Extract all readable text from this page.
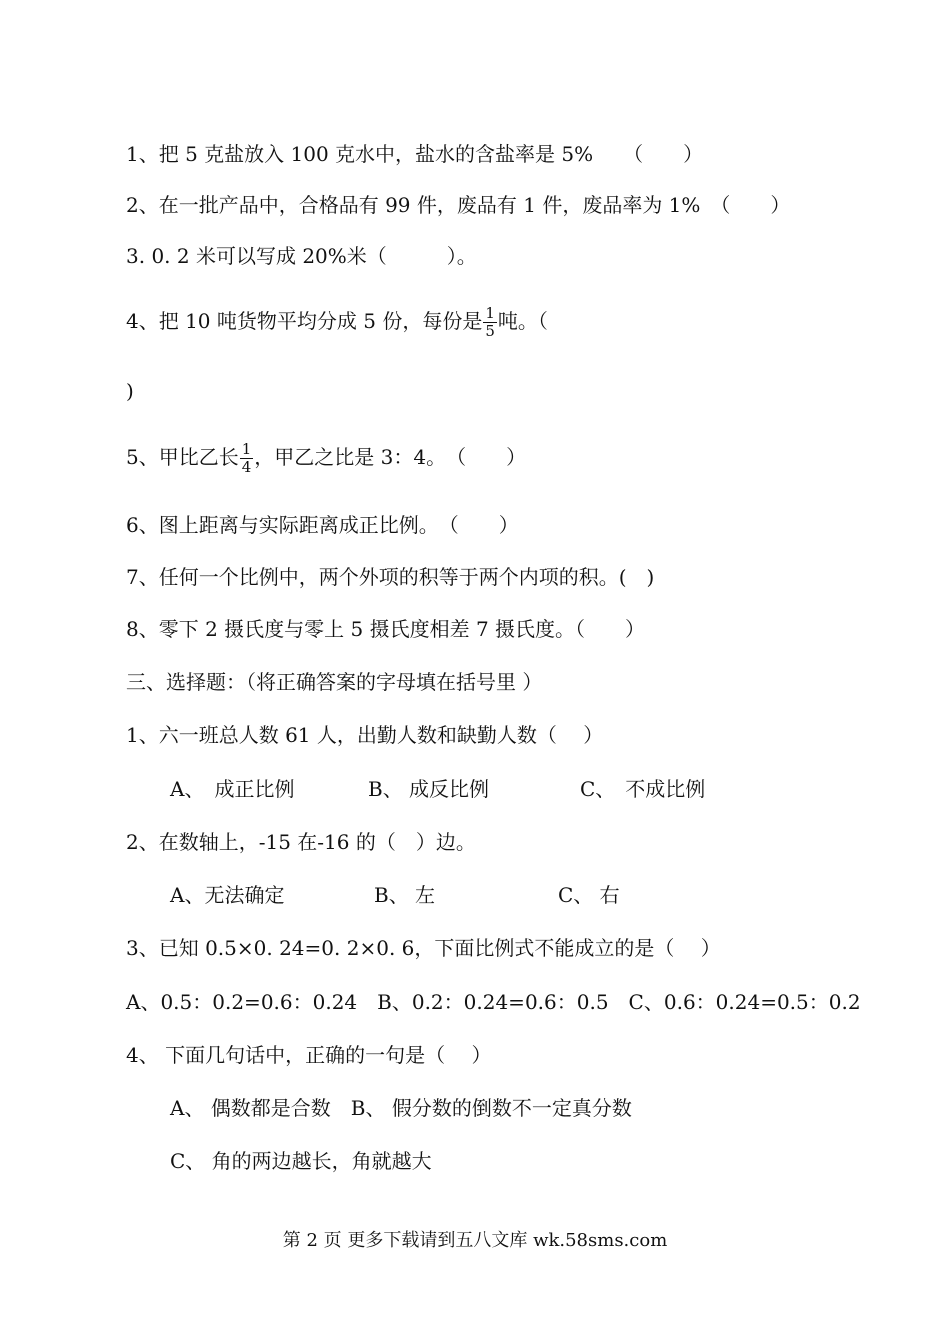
1、把 5 克盐放入 100 克水中，盐水的含盐率是 5%　　（　　）
2、在一批产品中，合格品有 99 件，废品有 1 件，废品率为 1%　（　　）
3. 0. 2 米可以写成 20%米（　　　）。
4、把 10 吨货物平均分成 5 份，每份是 $\frac{1}{5}$ 吨。（
)
5、甲比乙长 $\frac{1}{4}$ ，甲乙之比是 3：4。　（　　）
6、图上距离与实际距离成正比例。　（　　）
7、任何一个比例中，两个外项的积等于两个内项的积。(　)
8、零下 2 摄氏度与零上 5 摄氏度相差 7 摄氏度。（　　）
三、选择题：（将正确答案的字母填在括号里 ）
1、六一班总人数 61 人，出勤人数和缺勤人数（　 ）
A、　成正比例	B、 成反比例	C、　不成比例
2、在数轴上，-15 在-16 的（　）边。
A、无法确定	B、 左	C、 右
3、已知 0.5×0. 24=0. 2×0. 6，下面比例式不能成立的是（　 ）
A、0.5：0.2=0.6：0.24　B、0.2：0.24=0.6：0.5　C、0.6：0.24=0.5：0.2
4、 下面几句话中，正确的一句是（　 ）
A、 偶数都是合数　B、 假分数的倒数不一定真分数
C、 角的两边越长，角就越大
第 2 页 更多下载请到五八文库 wk.58sms.com
